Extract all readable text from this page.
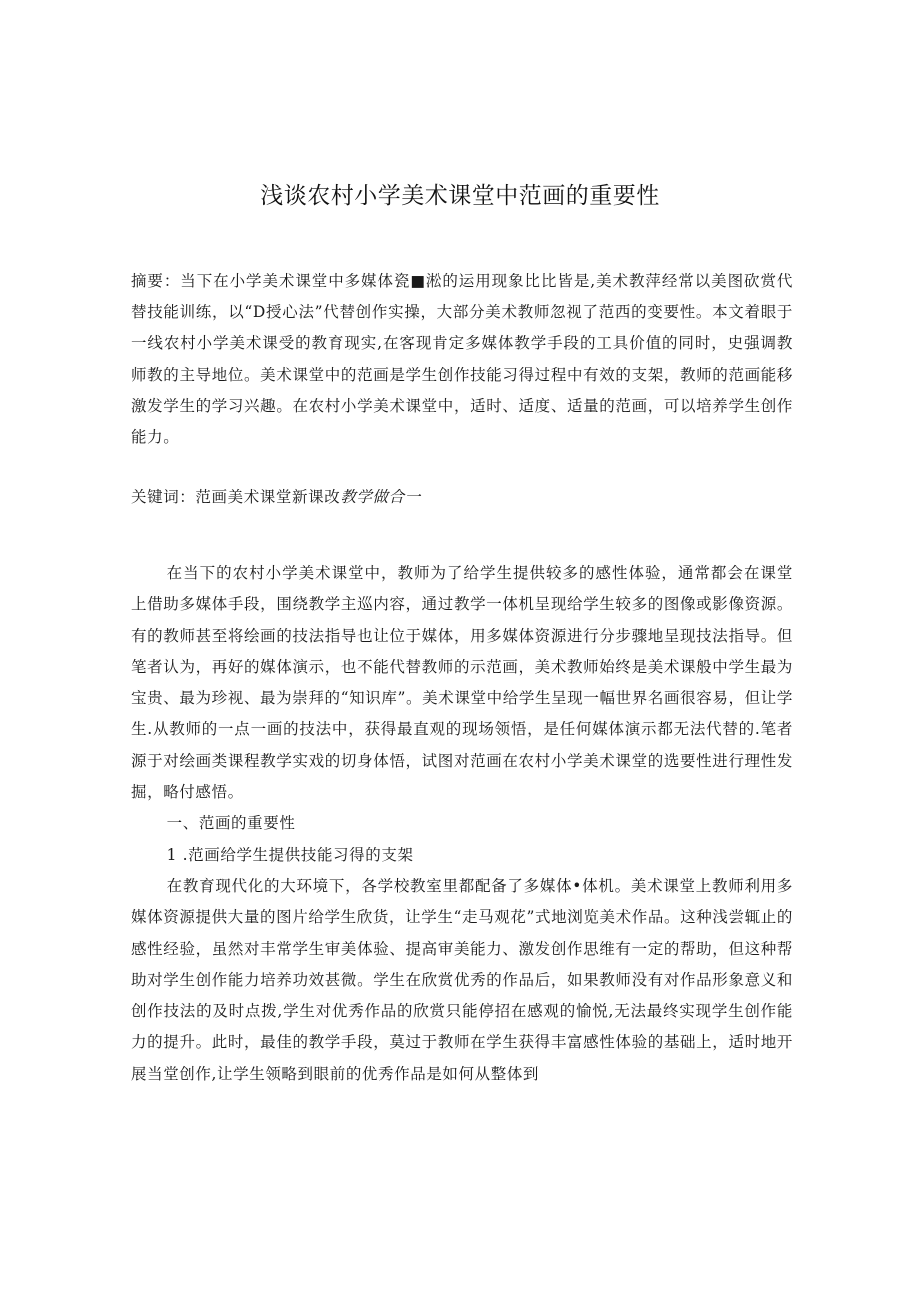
浅谈农村小学美术课堂中范画的重要性
摘要：当下在小学美术课堂中多媒体瓷■淞的运用现象比比皆是,美术教萍经常以美图砍赏代替技能训练，以“D授心法”代替创作实操，大部分美术教师忽视了范西的变要性。本文着眼于一线农村小学美术课受的教育现实,在客现肯定多媒体教学手段的工具价值的同时，史强调教师教的主导地位。美术课堂中的范画是学生创作技能习得过程中有效的支架，教师的范画能移激发学生的学习兴趣。在农村小学美术课堂中，适时、适度、适量的范画，可以培养学生创作能力。
关键词：范画美术课堂新课改教学做合一

在当下的农村小学美术课堂中，教师为了给学生提供较多的感性体验，通常都会在课堂上借助多媒体手段，围绕教学主巡内容，通过教学一体机呈现给学生较多的图像或影像资源。有的教师甚至将绘画的技法指导也让位于媒体，用多媒体资源进行分步骤地呈现技法指导。但笔者认为，再好的媒体演示，也不能代替教师的示范画，美术教师始终是美术课般中学生最为宝贵、最为珍视、最为崇拜的“知识库”。美术课堂中给学生呈现一幅世界名画很容易，但让学生.从教师的一点一画的技法中，获得最直观的现场领悟，是任何媒体演示都无法代替的.笔者源于对绘画类课程教学实戏的切身体悟，试图对范画在农村小学美术课堂的选要性进行理性发掘，略付感悟。

一、范画的重要性

1 .范画给学生提供技能习得的支架

在教育现代化的大环境下，各学校教室里都配备了多媒体•体机。美术课堂上教师利用多媒体资源提供大量的图片给学生欣货，让学生“走马观花”式地浏览美术作品。这种浅尝辄止的感性经验，虽然对丰常学生审美体验、提高审美能力、激发创作思维有一定的帮助，但这种帮助对学生创作能力培养功效甚微。学生在欣赏优秀的作品后，如果教师没有对作品形象意义和创作技法的及时点拨,学生对优秀作品的欣赏只能停招在感观的愉悦,无法最终实现学生创作能力的提升。此时，最佳的教学手段，莫过于教师在学生获得丰富感性体验的基础上，适时地开展当堂创作,让学生领略到眼前的优秀作品是如何从整体到
